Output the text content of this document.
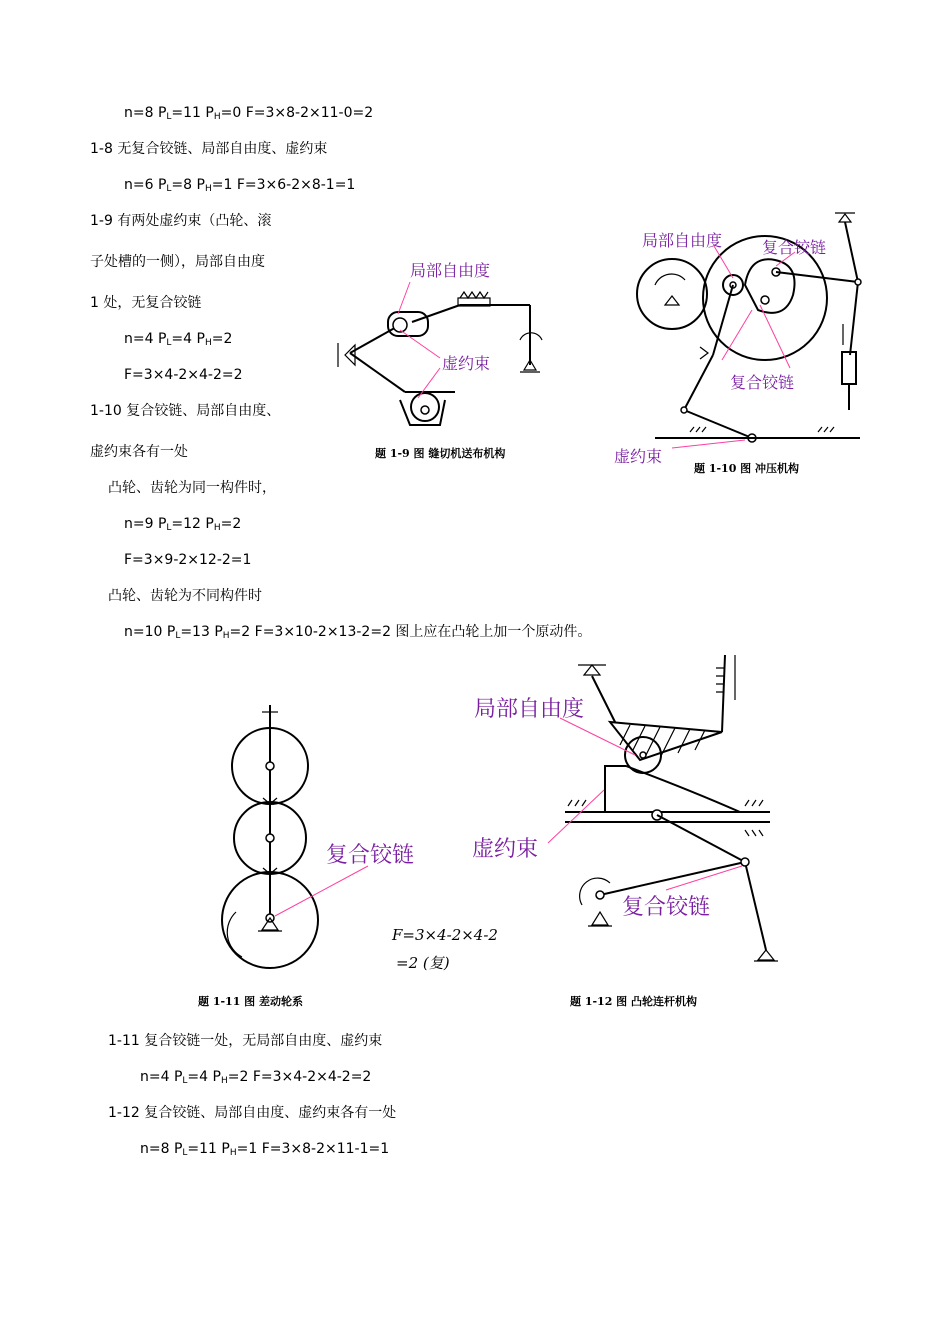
n=8 $P_L=11$ $P_H=0$ F=3×8-2×11-0=2
1-8 无复合铰链、局部自由度、虚约束
n=6 $P_L=8$ $P_H=1$ F=3×6-2×8-1=1
1-9 有两处虚约束（凸轮、滚
子处槽的一侧），局部自由度
1 处，无复合铰链
n=4 $P_L=4$ $P_H=2$
F=3×4-2×4-2=2
1-10 复合铰链、局部自由度、
虚约束各有一处
凸轮、齿轮为同一构件时，
n=9 $P_L=12$ $P_H=2$
F=3×9-2×12-2=1
凸轮、齿轮为不同构件时
n=10 $P_L=13$ $P_H=2$ F=3×10-2×13-2=2 图上应在凸轮上加一个原动件。
1-11 复合铰链一处，无局部自由度、虚约束
n=4 $P_L=4$ $P_H=2$ F=3×4-2×4-2=2
1-12 复合铰链、局部自由度、虚约束各有一处
n=8 $P_L=11$ $P_H=1$ F=3×8-2×11-1=1
局部自由度
虚约束
题 1-9 图 缝切机送布机构
局部自由度 复合铰链
复合铰链
虚约束
题 1-10 图 冲压机构
复合铰链
F=3×4-2×4-2
=2 (复)
题 1-11 图 差动轮系
局部自由度
虚约束
复合铰链
题 1-12 图 凸轮连杆机构
